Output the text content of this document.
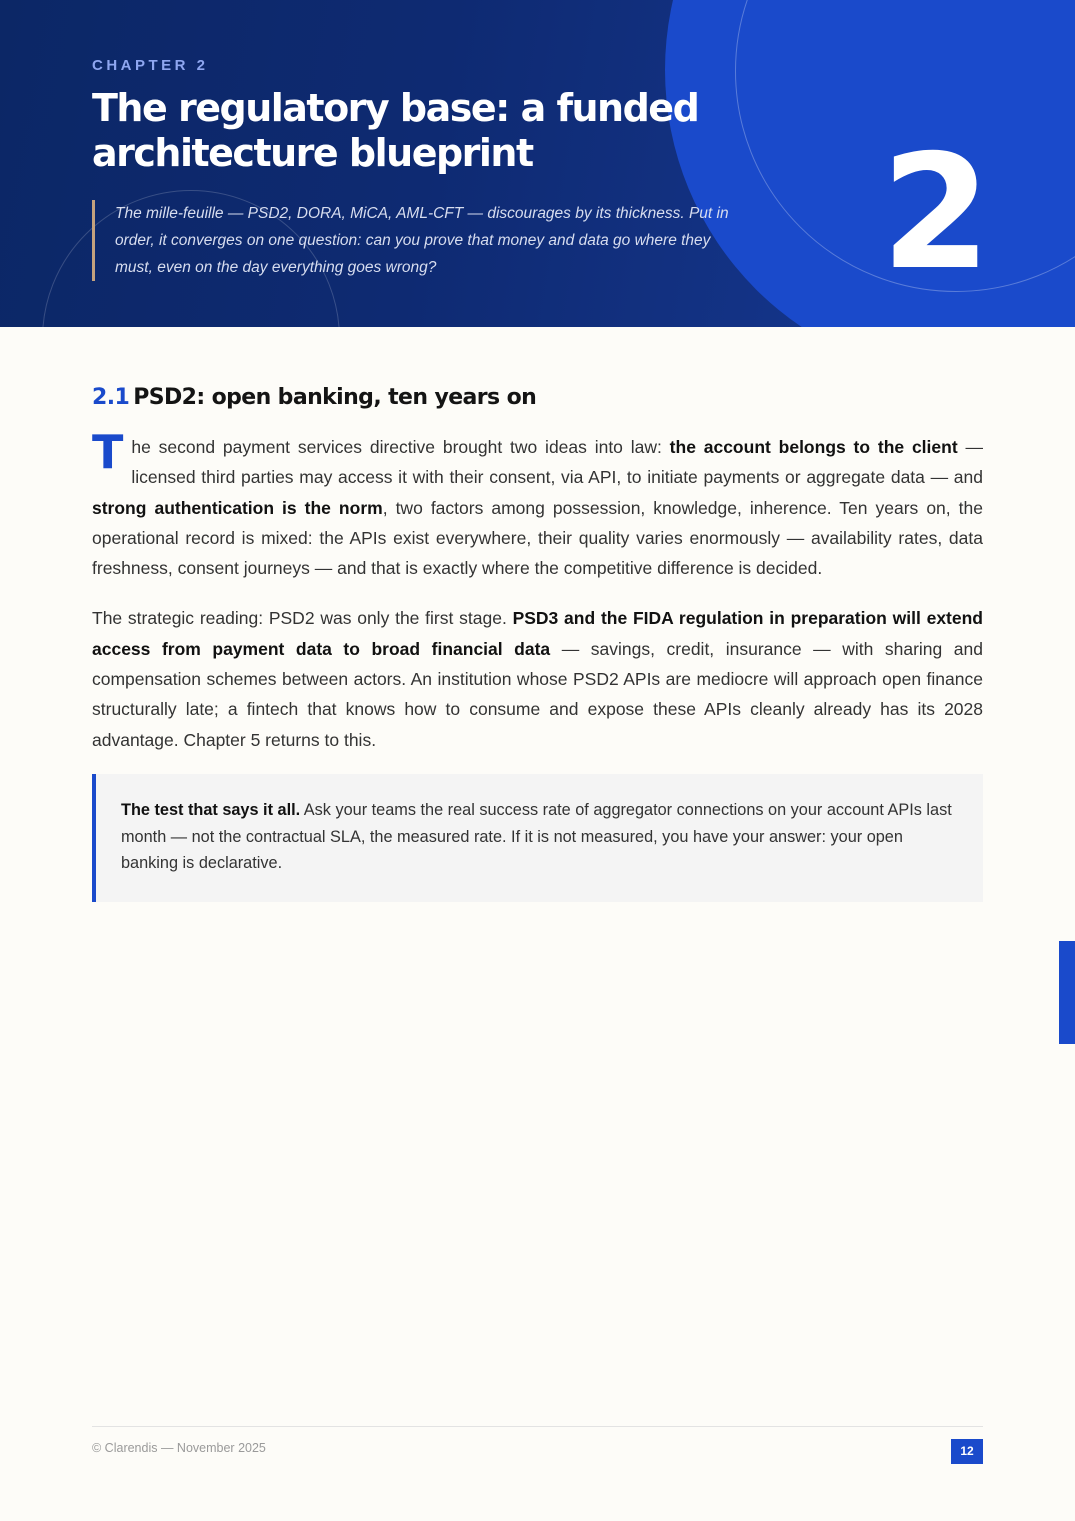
CHAPTER 2

The regulatory base: a funded architecture blueprint
The mille-feuille — PSD2, DORA, MiCA, AML-CFT — discourages by its thickness. Put in order, it converges on one question: can you prove that money and data go where they must, even on the day everything goes wrong?	2
2.1 PSD2: open banking, ten years on

The second payment services directive brought two ideas into law: the account belongs to the client — licensed third parties may access it with their consent, via API, to initiate payments or aggregate data — and strong authentication is the norm, two factors among possession, knowledge, inherence. Ten years on, the operational record is mixed: the APIs exist everywhere, their quality varies enormously — availability rates, data freshness, consent journeys — and that is exactly where the competitive difference is decided.

The strategic reading: PSD2 was only the first stage. PSD3 and the FIDA regulation in preparation will extend access from payment data to broad financial data — savings, credit, insurance — with sharing and compensation schemes between actors. An institution whose PSD2 APIs are mediocre will approach open finance structurally late; a fintech that knows how to consume and expose these APIs cleanly already has its 2028 advantage. Chapter 5 returns to this.

The test that says it all. Ask your teams the real success rate of aggregator connections on your account APIs last month — not the contractual SLA, the measured rate. If it is not measured, you have your answer: your open banking is declarative.
© Clarendis — November 2025	12
